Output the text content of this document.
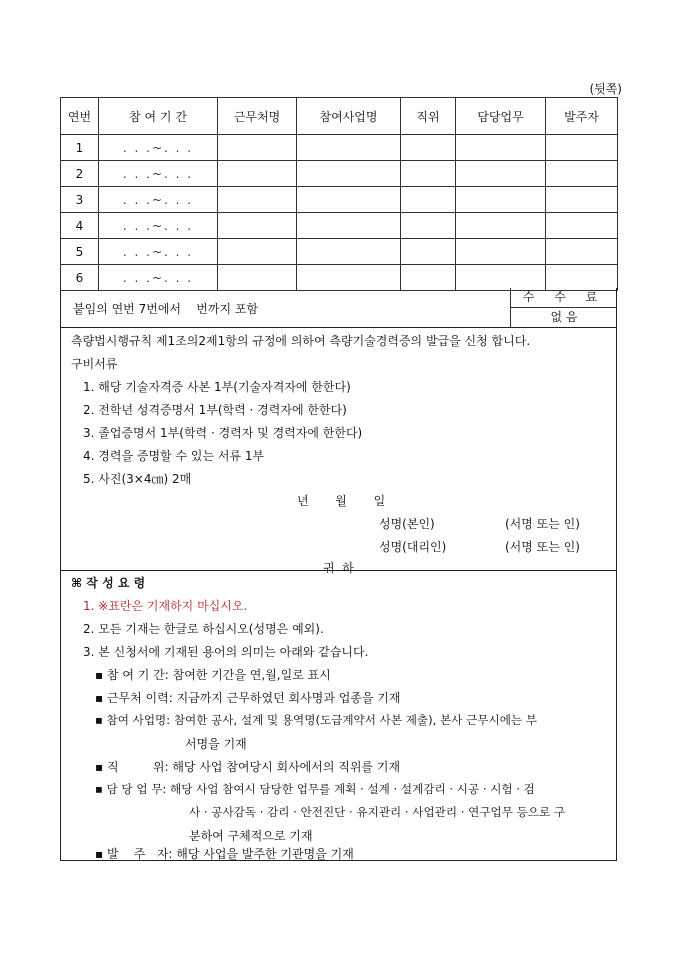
(뒷쪽)
연번	참 여 기 간	근무처명	참여사업명	직위	담당업무	발주자
1	. . .~. . .					
2	. . .~. . .					
3	. . .~. . .					
4	. . .~. . .					
5	. . .~. . .					
6	. . .~. . .					
붙임의 연번 7번에서    번까지 포함
수 수 료
없 음
측량법시행규칙 제1조의2제1항의 규정에 의하여 측량기술경력증의 발급을 신청 합니다.
구비서류
1. 해당 기술자격증 사본 1부(기술자격자에 한한다)
2. 전학년 성격증명서 1부(학력 · 경력자에 한한다)
3. 졸업증명서 1부(학력 · 경력자 및 경력자에 한한다)
4. 경력을 증명할 수 있는 서류 1부
5. 사진(3×4㎝) 2매
년       월       일
성명(본인)	(서명 또는 인)
성명(대리인)	(서명 또는 인)
귀  하
⌘ 작 성 요 령
1. ※표란은 기재하지 마십시오.
2. 모든 기재는 한글로 하십시오(성명은 예외).
3. 본 신청서에 기재된 용어의 의미는 아래와 같습니다.
▪ 참 여 기 간: 참여한 기간을 연,월,일로 표시
▪ 근무처 이력: 지금까지 근무하였던 회사명과 업종을 기재
▪ 참여 사업명: 참여한 공사, 설계 및 용역명(도급계약서 사본 제출), 본사 근무시에는 부
서명을 기재
▪ 직         위: 해당 사업 참여당시 회사에서의 직위를 기재
▪ 담 당 업 무: 해당 사업 참여시 담당한 업무를 계획 · 설계 · 설계감리 · 시공 · 시험 · 검
사 · 공사감독 · 감리 · 안전진단 · 유지관리 · 사업관리 · 연구업무 등으로 구
분하여 구체적으로 기재
▪ 발    주   자: 해당 사업을 발주한 기관명을 기재
